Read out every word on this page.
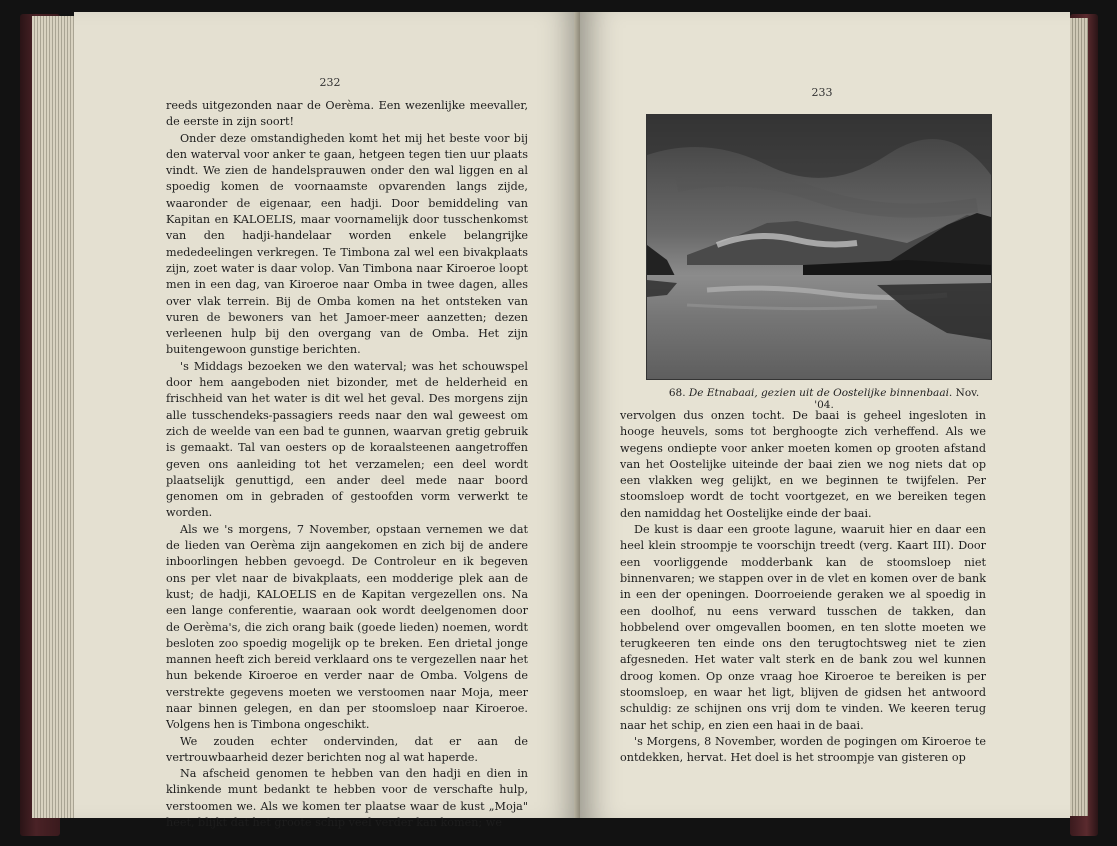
232

reeds uitgezonden naar de Oerèma. Een wezenlijke meevaller, de eerste in zijn soort!

Onder deze omstandigheden komt het mij het beste voor bij den waterval voor anker te gaan, hetgeen tegen tien uur plaats vindt. We zien de handelsprauwen onder den wal liggen en al spoedig komen de voornaamste opvarenden langs zijde, waaronder de eigenaar, een hadji. Door bemiddeling van Kapitan en KALOELIS, maar voornamelijk door tusschenkomst van den hadji-handelaar worden enkele belangrijke mededeelingen verkregen. Te Timbona zal wel een bivakplaats zijn, zoet water is daar volop. Van Timbona naar Kiroeroe loopt men in een dag, van Kiroeroe naar Omba in twee dagen, alles over vlak terrein. Bij de Omba komen na het ontsteken van vuren de bewoners van het Jamoer-meer aanzetten; dezen verleenen hulp bij den overgang van de Omba. Het zijn buitengewoon gunstige berichten.

's Middags bezoeken we den waterval; was het schouwspel door hem aangeboden niet bizonder, met de helderheid en frischheid van het water is dit wel het geval. Des morgens zijn alle tusschendeks-passagiers reeds naar den wal geweest om zich de weelde van een bad te gunnen, waarvan gretig gebruik is gemaakt. Tal van oesters op de koraalsteenen aangetroffen geven ons aanleiding tot het verzamelen; een deel wordt plaatselijk genuttigd, een ander deel mede naar boord genomen om in gebraden of gestoofden vorm verwerkt te worden.

Als we 's morgens, 7 November, opstaan vernemen we dat de lieden van Oerèma zijn aangekomen en zich bij de andere inboorlingen hebben gevoegd. De Controleur en ik begeven ons per vlet naar de bivakplaats, een modderige plek aan de kust; de hadji, KALOELIS en de Kapitan vergezellen ons. Na een lange conferentie, waaraan ook wordt deelgenomen door de Oerèma's, die zich orang baik (goede lieden) noemen, wordt besloten zoo spoedig mogelijk op te breken. Een drietal jonge mannen heeft zich bereid verklaard ons te vergezellen naar het hun bekende Kiroeroe en verder naar de Omba. Volgens de verstrekte gegevens moeten we verstoomen naar Moja, meer naar binnen gelegen, en dan per stoomsloep naar Kiroeroe. Volgens hen is Timbona ongeschikt.

We zouden echter ondervinden, dat er aan de vertrouwbaarheid dezer berichten nog al wat haperde.

Na afscheid genomen te hebben van den hadji en dien in klinkende munt bedankt te hebben voor de verschafte hulp, verstoomen we. Als we komen ter plaatse waar de kust „Moja" heet, blijkt dat het groote schip veel verder kan komen; we

233
68. De Etnabaai, gezien uit de Oostelijke binnenbaai. Nov. '04.

vervolgen dus onzen tocht. De baai is geheel ingesloten in hooge heuvels, soms tot berghoogte zich verheffend. Als we wegens ondiepte voor anker moeten komen op grooten afstand van het Oostelijke uiteinde der baai zien we nog niets dat op een vlakken weg gelijkt, en we beginnen te twijfelen. Per stoomsloep wordt de tocht voortgezet, en we bereiken tegen den namiddag het Oostelijke einde der baai.

De kust is daar een groote lagune, waaruit hier en daar een heel klein stroompje te voorschijn treedt (verg. Kaart III). Door een voorliggende modderbank kan de stoomsloep niet binnenvaren; we stappen over in de vlet en komen over de bank in een der openingen. Doorroeiende geraken we al spoedig in een doolhof, nu eens verward tusschen de takken, dan hobbelend over omgevallen boomen, en ten slotte moeten we terugkeeren ten einde ons den terugtochtsweg niet te zien afgesneden. Het water valt sterk en de bank zou wel kunnen droog komen. Op onze vraag hoe Kiroeroe te bereiken is per stoomsloep, en waar het ligt, blijven de gidsen het antwoord schuldig: ze schijnen ons vrij dom te vinden. We keeren terug naar het schip, en zien een haai in de baai.

's Morgens, 8 November, worden de pogingen om Kiroeroe te ontdekken, hervat. Het doel is het stroompje van gisteren op
